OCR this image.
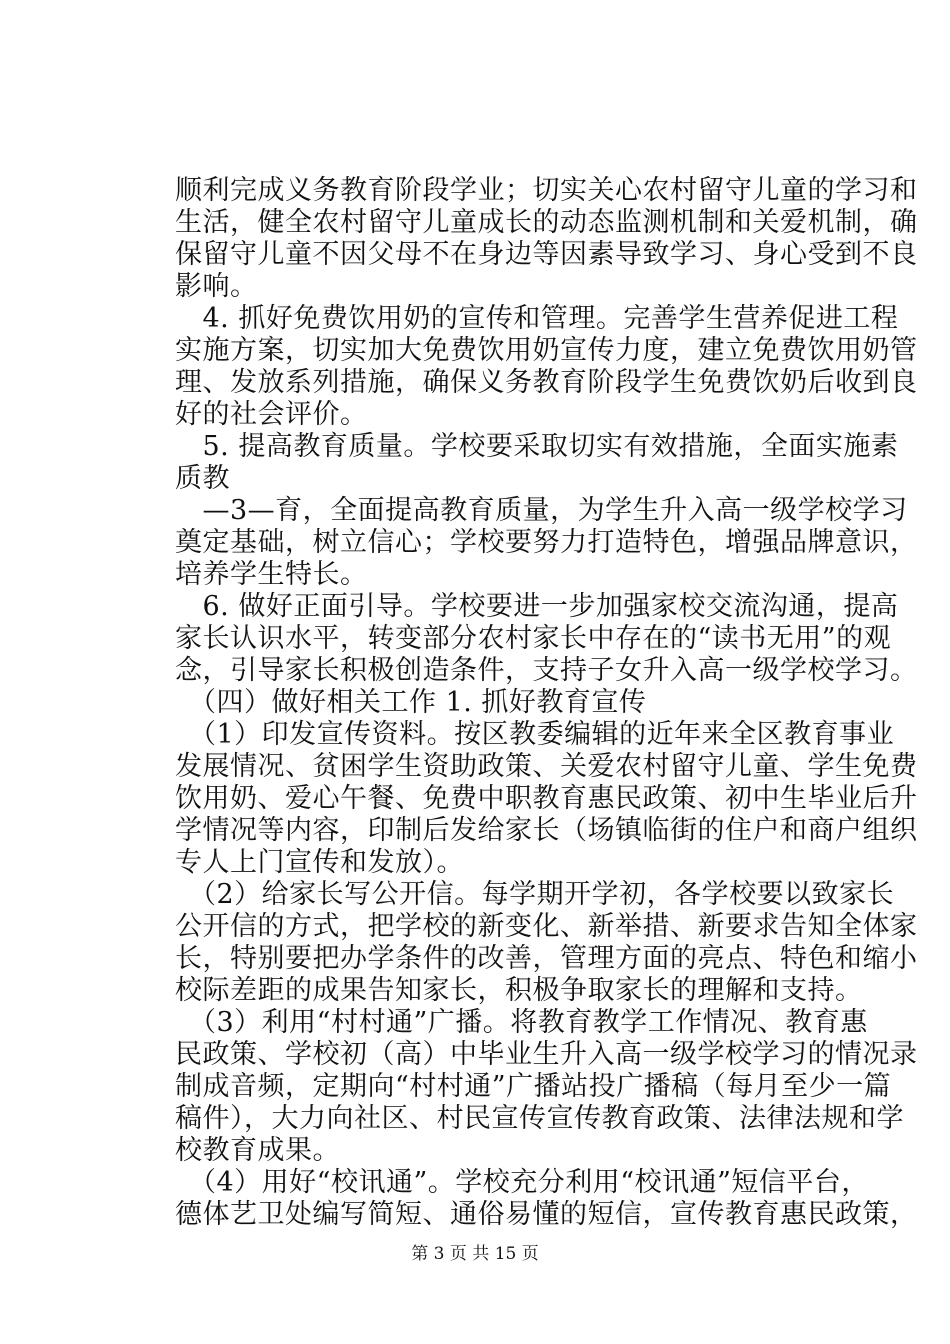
顺利完成义务教育阶段学业；切实关心农村留守儿童的学习和
生活，健全农村留守儿童成长的动态监测机制和关爱机制，确
保留守儿童不因父母不在身边等因素导致学习、身心受到不良
影响。
　4. 抓好免费饮用奶的宣传和管理。完善学生营养促进工程
实施方案，切实加大免费饮用奶宣传力度，建立免费饮用奶管
理、发放系列措施，确保义务教育阶段学生免费饮奶后收到良
好的社会评价。
　5. 提高教育质量。学校要采取切实有效措施，全面实施素
质教
　—3—育，全面提高教育质量，为学生升入高一级学校学习
奠定基础，树立信心；学校要努力打造特色，增强品牌意识，
培养学生特长。
　6. 做好正面引导。学校要进一步加强家校交流沟通，提高
家长认识水平，转变部分农村家长中存在的“读书无用”的观
念，引导家长积极创造条件，支持子女升入高一级学校学习。
　（四）做好相关工作 1. 抓好教育宣传
　（1）印发宣传资料。按区教委编辑的近年来全区教育事业
发展情况、贫困学生资助政策、关爱农村留守儿童、学生免费
饮用奶、爱心午餐、免费中职教育惠民政策、初中生毕业后升
学情况等内容，印制后发给家长（场镇临街的住户和商户组织
专人上门宣传和发放）。
　（2）给家长写公开信。每学期开学初，各学校要以致家长
公开信的方式，把学校的新变化、新举措、新要求告知全体家
长，特别要把办学条件的改善，管理方面的亮点、特色和缩小
校际差距的成果告知家长，积极争取家长的理解和支持。
　（3）利用“村村通”广播。将教育教学工作情况、教育惠
民政策、学校初（高）中毕业生升入高一级学校学习的情况录
制成音频，定期向“村村通”广播站投广播稿（每月至少一篇
稿件），大力向社区、村民宣传宣传教育政策、法律法规和学
校教育成果。
　（4）用好“校讯通”。学校充分利用“校讯通”短信平台，
德体艺卫处编写简短、通俗易懂的短信，宣传教育惠民政策，
第 3 页 共 15 页
